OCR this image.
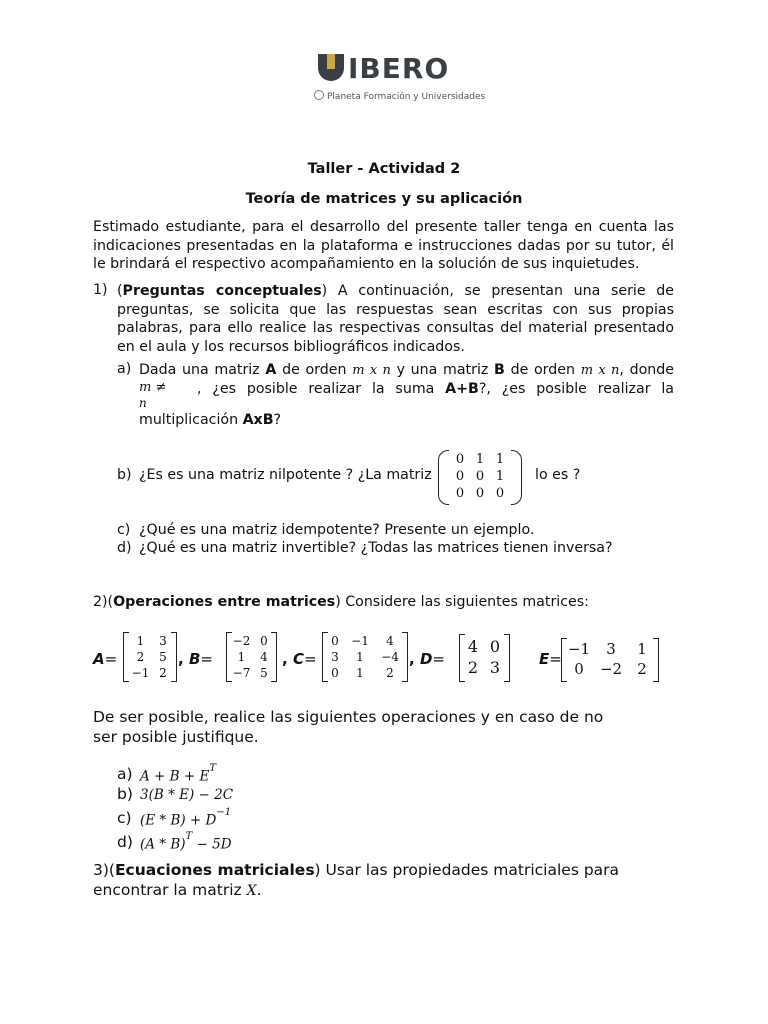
IBERO
Planeta Formación y Universidades
Taller - Actividad 2
Teoría de matrices y su aplicación
Estimado estudiante, para el desarrollo del presente taller tenga en cuenta las indicaciones presentadas en la plataforma e instrucciones dadas por su tutor, él le brindará el respectivo acompañamiento en la solución de sus inquietudes.
1) (Preguntas conceptuales) A continuación, se presentan una serie de preguntas, se solicita que las respuestas sean escritas con sus propias palabras, para ello realice las respectivas consultas del material presentado en el aula y los recursos bibliográficos indicados.
a) Dada una matriz A de orden m x n y una matriz B de orden m x n, donde
m ≠
n
, ¿es posible realizar la suma A+B?, ¿es posible realizar la
multiplicación AxB?
b) ¿Es es una matriz nilpotente ? ¿La matriz
0 1 1
0 0 1
0 0 0
lo es ?
c) ¿Qué es una matriz idempotente? Presente un ejemplo.
d) ¿Qué es una matriz invertible? ¿Todas las matrices tienen inversa?
2)(Operaciones entre matrices) Considere las siguientes matrices:
A=
1	3
2	5
−1 2
, B=
−2 0
1	4
−7 5
, C=
0	−1	4
3	1	−4
0	1	2
, D=
4 0
2 3	E=
−1	3	1
0	−2	2
De ser posible, realice las siguientes operaciones y en caso de no ser posible justifique.
a) $A + B + E^T$
b) 3(B * E) − 2C
c) $(E * B) + D^{-1}$
d) (A * B)$^T$ − 5D
3)(Ecuaciones matriciales) Usar las propiedades matriciales para
encontrar la matriz X.
